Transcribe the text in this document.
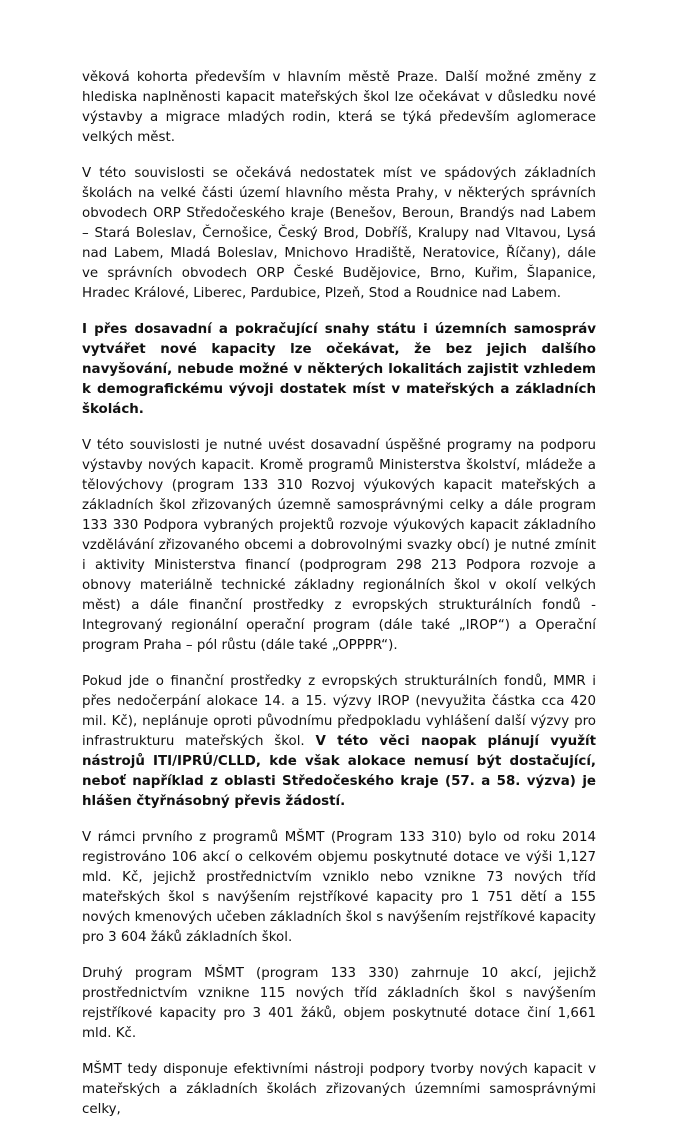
věková kohorta především v hlavním městě Praze. Další možné změny z hlediska naplněnosti kapacit mateřských škol lze očekávat v důsledku nové výstavby a migrace mladých rodin, která se týká především aglomerace velkých měst.

V této souvislosti se očekává nedostatek míst ve spádových základních školách na velké části území hlavního města Prahy, v některých správních obvodech ORP Středočeského kraje (Benešov, Beroun, Brandýs nad Labem – Stará Boleslav, Černošice, Český Brod, Dobříš, Kralupy nad Vltavou, Lysá nad Labem, Mladá Boleslav, Mnichovo Hradiště, Neratovice, Říčany), dále ve správních obvodech ORP České Budějovice, Brno, Kuřim, Šlapanice, Hradec Králové, Liberec, Pardubice, Plzeň, Stod a Roudnice nad Labem.

I přes dosavadní a pokračující snahy státu i územních samospráv vytvářet nové kapacity lze očekávat, že bez jejich dalšího navyšování, nebude možné v některých lokalitách zajistit vzhledem k demografickému vývoji dostatek míst v mateřských a základních školách.

V této souvislosti je nutné uvést dosavadní úspěšné programy na podporu výstavby nových kapacit. Kromě programů Ministerstva školství, mládeže a tělovýchovy (program 133 310 Rozvoj výukových kapacit mateřských a základních škol zřizovaných územně samosprávnými celky a dále program 133 330 Podpora vybraných projektů rozvoje výukových kapacit základního vzdělávání zřizovaného obcemi a dobrovolnými svazky obcí) je nutné zmínit i aktivity Ministerstva financí (podprogram 298 213 Podpora rozvoje a obnovy materiálně technické základny regionálních škol v okolí velkých měst) a dále finanční prostředky z evropských strukturálních fondů - Integrovaný regionální operační program (dále také „IROP“) a Operační program Praha – pól růstu (dále také „OPPPR“).

Pokud jde o finanční prostředky z evropských strukturálních fondů, MMR i přes nedočerpání alokace 14. a 15. výzvy IROP (nevyužita částka cca 420 mil. Kč), neplánuje oproti původnímu předpokladu vyhlášení další výzvy pro infrastrukturu mateřských škol. V této věci naopak plánují využít nástrojů ITI/IPRÚ/CLLD, kde však alokace nemusí být dostačující, neboť například z oblasti Středočeského kraje (57. a 58. výzva) je hlášen čtyřnásobný převis žádostí.

V rámci prvního z programů MŠMT (Program 133 310) bylo od roku 2014 registrováno 106 akcí o celkovém objemu poskytnuté dotace ve výši 1,127 mld. Kč, jejichž prostřednictvím vzniklo nebo vznikne 73 nových tříd mateřských škol s navýšením rejstříkové kapacity pro 1 751 dětí a 155 nových kmenových učeben základních škol s navýšením rejstříkové kapacity pro 3 604 žáků základních škol.

Druhý program MŠMT (program 133 330) zahrnuje 10 akcí, jejichž prostřednictvím vznikne 115 nových tříd základních škol s navýšením rejstříkové kapacity pro 3 401 žáků, objem poskytnuté dotace činí 1,661 mld. Kč.

MŠMT tedy disponuje efektivními nástroji podpory tvorby nových kapacit v mateřských a základních školách zřizovaných územními samosprávnými celky,
